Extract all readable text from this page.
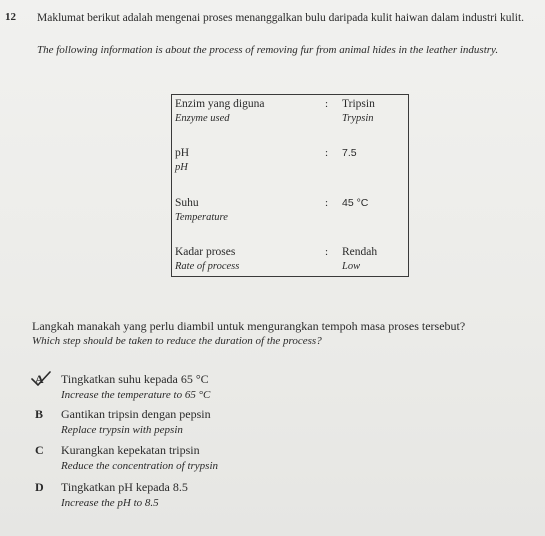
12 Maklumat berikut adalah mengenai proses menanggalkan bulu daripada kulit haiwan dalam industri kulit.
The following information is about the process of removing fur from animal hides in the leather industry.
Enzim yang diguna
Enzyme used
: Tripsin
Trypsin
pH
pH
: 7.5
Suhu
Temperature
: 45 °C
Kadar proses
Rate of process
: Rendah
Low
Langkah manakah yang perlu diambil untuk mengurangkan tempoh masa proses tersebut?
Which step should be taken to reduce the duration of the process?
A Tingkatkan suhu kepada 65 °C
Increase the temperature to 65 °C
B Gantikan tripsin dengan pepsin
Replace trypsin with pepsin
C Kurangkan kepekatan tripsin
Reduce the concentration of trypsin
D Tingkatkan pH kepada 8.5
Increase the pH to 8.5
